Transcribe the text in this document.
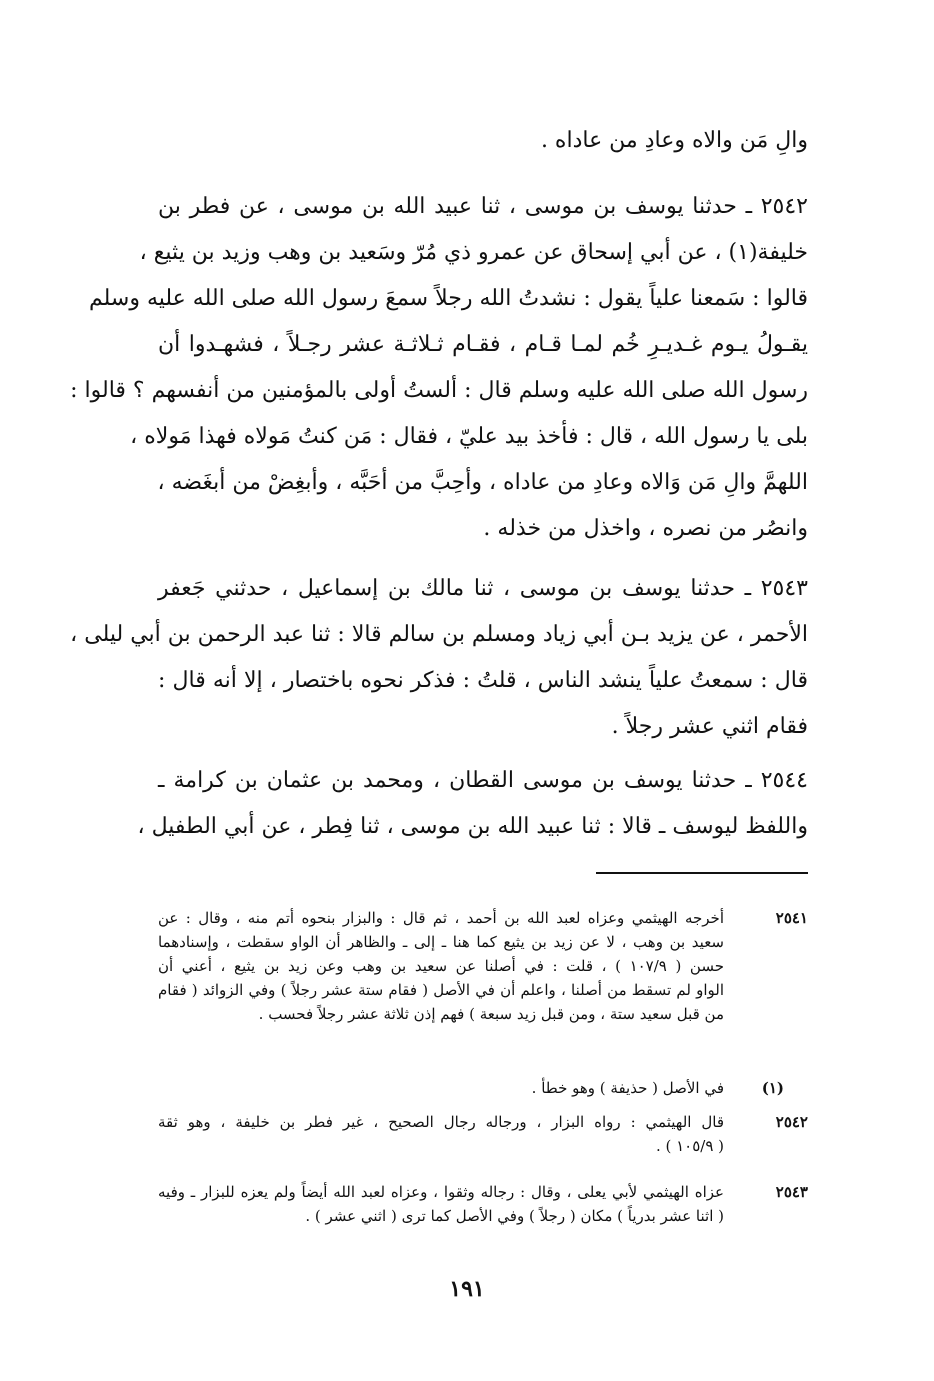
والِ مَن والاه وعادِ من عاداه .
٢٥٤٢ ـ حدثنا يوسف بن موسى ، ثنا عبيد الله بن موسى ، عن فطر بن
خليفة(١) ، عن أبي إسحاق عن عمرو ذي مُرّ وسَعيد بن وهب وزيد بن يثيع ،
قالوا : سَمعنا علياً يقول : نشدتُ الله رجلاً سمعَ رسول الله صلى الله عليه وسلم
يقـولُ يـوم غـديـرِ خُم لمـا قـام ، فقـام ثـلاثـة عشر رجـلاً ، فشهـدوا أن
رسول الله صلى الله عليه وسلم قال : ألستُ أولى بالمؤمنين من أنفسهم ؟ قالوا :
بلى يا رسول الله ، قال : فأخذ بيد عليّ ، فقال : مَن كنتُ مَولاه فهذا مَولاه ،
اللهمَّ والِ مَن وَالاه وعادِ من عاداه ، وأحِبَّ من أحَبَّه ، وأبغِضْ من أبغَضه ،
وانصُر من نصره ، واخذل من خذله .
٢٥٤٣ ـ حدثنا يوسف بن موسى ، ثنا مالك بن إسماعيل ، حدثني جَعفر
الأحمر ، عن يزيد بـن أبي زياد ومسلم بن سالم قالا : ثنا عبد الرحمن بن أبي ليلى ،
قال : سمعتُ علياً ينشد الناس ، قلتُ : فذكر نحوه باختصار ، إلا أنه قال :
فقام اثني عشر رجلاً .
٢٥٤٤ ـ حدثنا يوسف بن موسى القطان ، ومحمد بن عثمان بن كرامة ـ
واللفظ ليوسف ـ قالا : ثنا عبيد الله بن موسى ، ثنا فِطر ، عن أبي الطفيل ،
٢٥٤١
أخرجه الهيثمي وعزاه لعبد الله بن أحمد ، ثم قال : والبزار بنحوه أتم منه ، وقال : عن
سعيد بن وهب ، لا عن زيد بن يثيع كما هنا ـ إلى ـ والظاهر أن الواو سقطت ، وإسنادهما
حسن ( ١٠٧/٩ ) ، قلت : في أصلنا عن سعيد بن وهب وعن زيد بن يثيع ، أعني أن
الواو لم تسقط من أصلنا ، واعلم أن في الأصل ( فقام ستة عشر رجلاً ) وفي الزوائد ( فقام
من قبل سعيد ستة ، ومن قبل زيد سبعة ) فهم إذن ثلاثة عشر رجلاً فحسب .
(١)
في الأصل ( حذيفة ) وهو خطأ .
٢٥٤٢
قال الهيثمي : رواه البزار ، ورجاله رجال الصحيح ، غير فطر بن خليفة ، وهو ثقة
( ١٠٥/٩ ) .
٢٥٤٣
عزاه الهيثمي لأبي يعلى ، وقال : رجاله وثقوا ، وعزاه لعبد الله أيضاً ولم يعزه للبزار ـ وفيه
( اثنا عشر بدرياً ) مكان ( رجلاً ) وفي الأصل كما ترى ( اثني عشر ) .
١٩١
